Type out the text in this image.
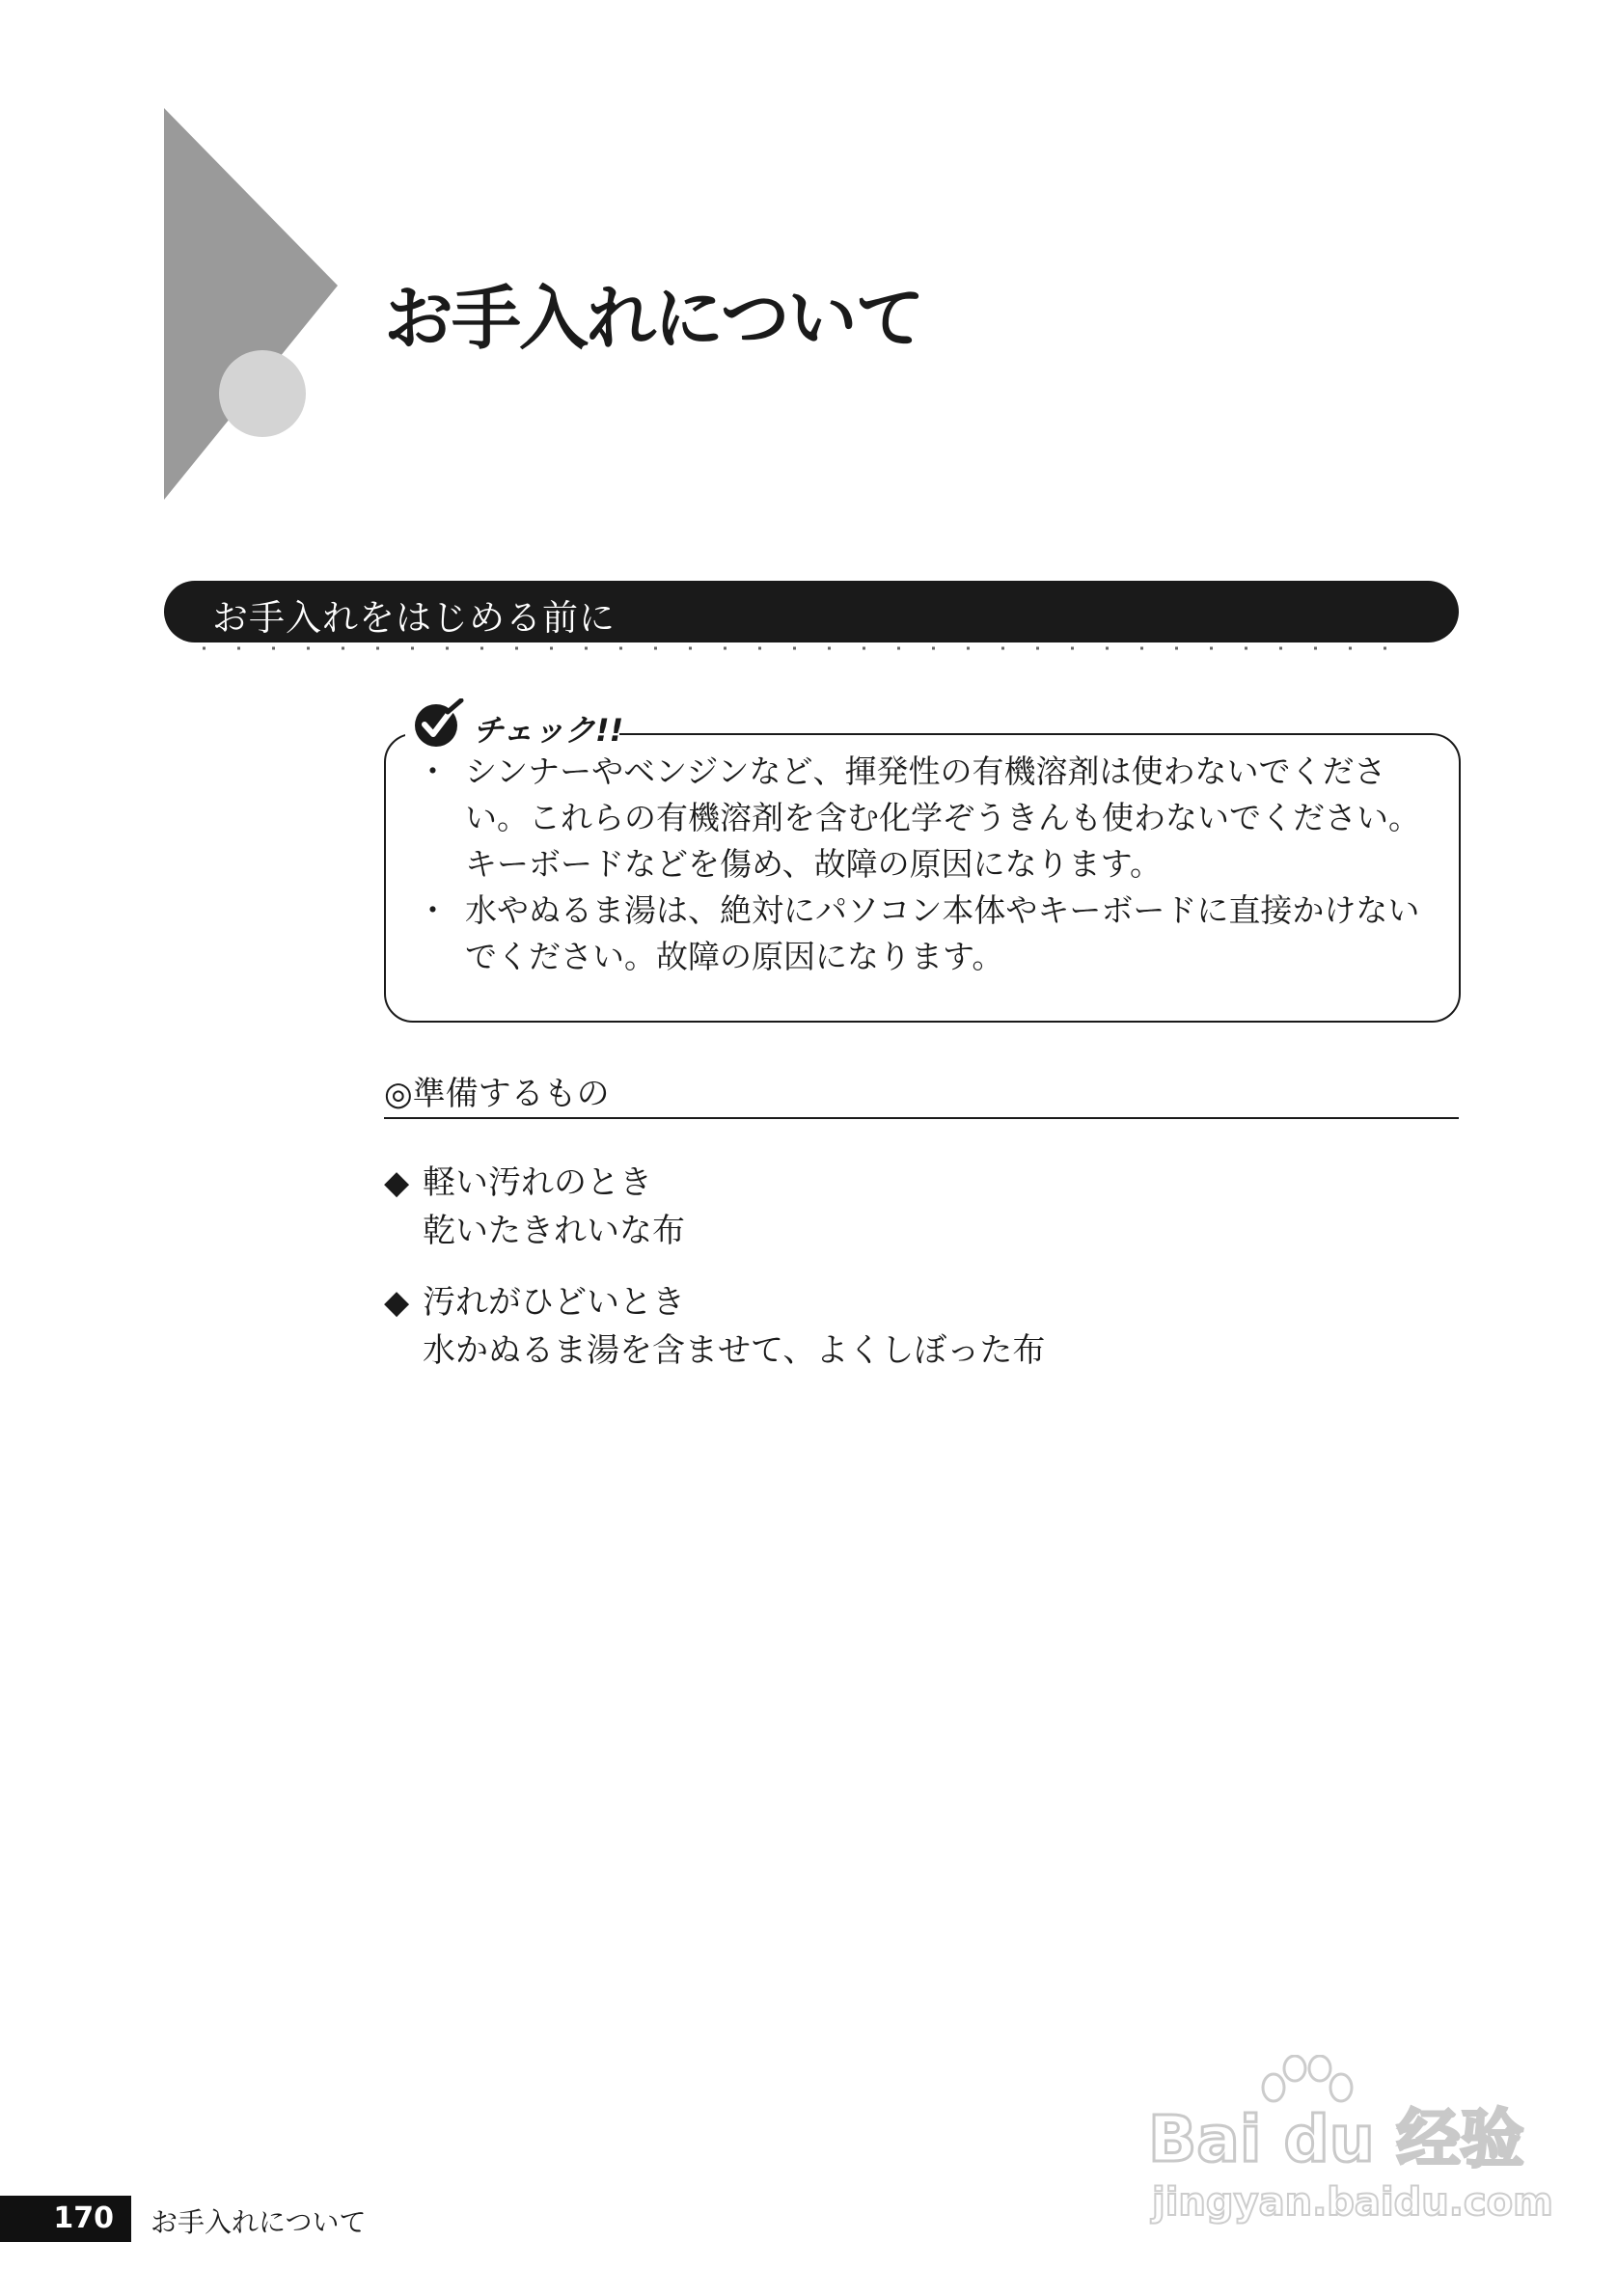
お手入れについて
お手入れをはじめる前に
チェック!!
・ シンナーやベンジンなど、揮発性の有機溶剤は使わないでください。これらの有機溶剤を含む化学ぞうきんも使わないでください。キーボードなどを傷め、故障の原因になります。
・ 水やぬるま湯は、絶対にパソコン本体やキーボードに直接かけないでください。故障の原因になります。
◎準備するもの
◆ 軽い汚れのとき
乾いたきれいな布
◆ 汚れがひどいとき
水かぬるま湯を含ませて、よくしぼった布
Bai du 经验
jingyan.baidu.com
170 お手入れについて
